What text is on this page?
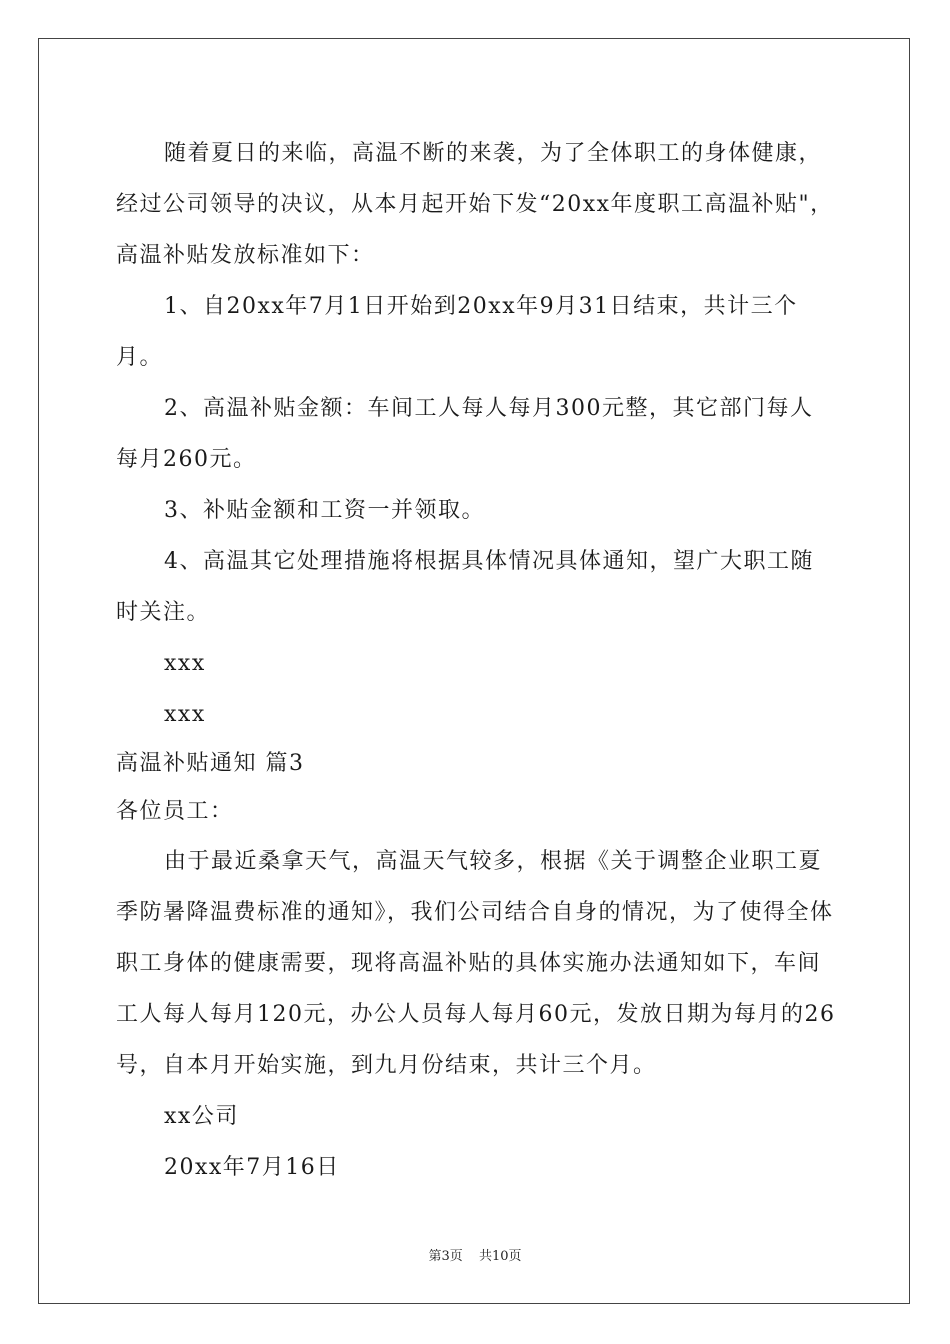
随着夏日的来临，高温不断的来袭，为了全体职工的身体健康，经过公司领导的决议，从本月起开始下发“20xx年度职工高温补贴"，高温补贴发放标准如下：

1、自20xx年7月1日开始到20xx年9月31日结束，共计三个月。

2、高温补贴金额：车间工人每人每月300元整，其它部门每人每月260元。

3、补贴金额和工资一并领取。

4、高温其它处理措施将根据具体情况具体通知，望广大职工随时关注。

xxx

xxx

高温补贴通知 篇3

各位员工：

由于最近桑拿天气，高温天气较多，根据《关于调整企业职工夏季防暑降温费标准的通知》，我们公司结合自身的情况，为了使得全体职工身体的健康需要，现将高温补贴的具体实施办法通知如下，车间工人每人每月120元，办公人员每人每月60元，发放日期为每月的26号，自本月开始实施，到九月份结束，共计三个月。

xx公司

20xx年7月16日

第3页 共10页
